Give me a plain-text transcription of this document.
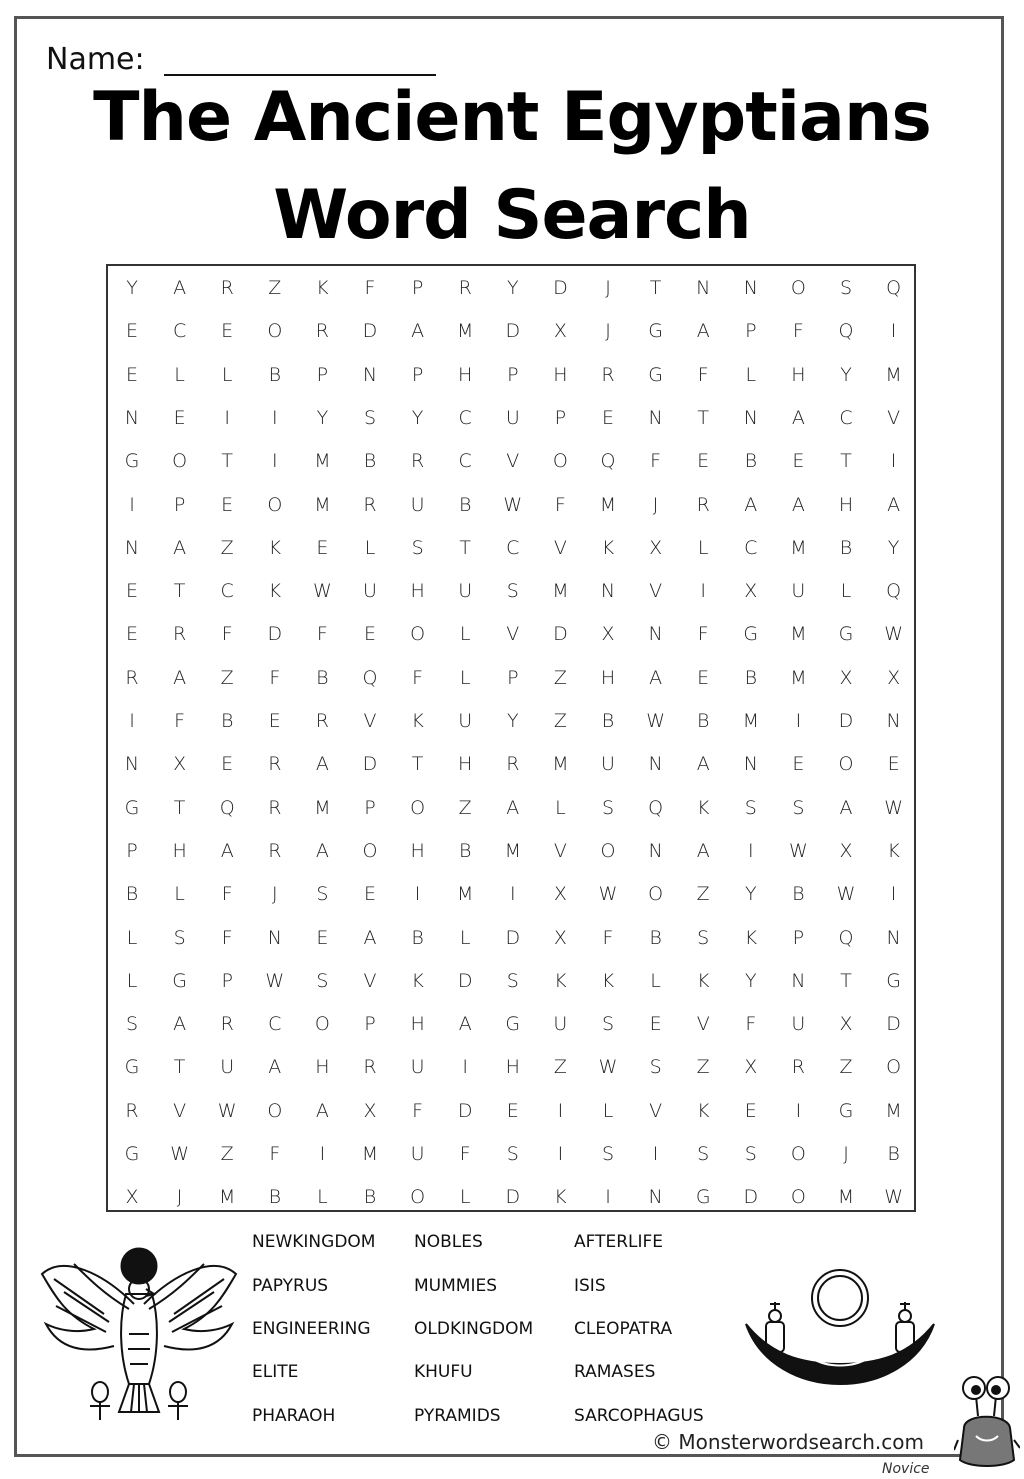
Name:
The Ancient Egyptians
Word Search
Y	A	R	Z	K	F	P	R	Y	D	J	T	N	N	O	S	Q
E	C	E	O	R	D	A	M	D	X	J	G	A	P	F	Q	I
E	L	L	B	P	N	P	H	P	H	R	G	F	L	H	Y	M
N	E	I	I	Y	S	Y	C	U	P	E	N	T	N	A	C	V
G	O	T	I	M	B	R	C	V	O	Q	F	E	B	E	T	I
I	P	E	O	M	R	U	B	W	F	M	J	R	A	A	H	A
N	A	Z	K	E	L	S	T	C	V	K	X	L	C	M	B	Y
E	T	C	K	W	U	H	U	S	M	N	V	I	X	U	L	Q
E	R	F	D	F	E	O	L	V	D	X	N	F	G	M	G	W
R	A	Z	F	B	Q	F	L	P	Z	H	A	E	B	M	X	X
I	F	B	E	R	V	K	U	Y	Z	B	W	B	M	I	D	N
N	X	E	R	A	D	T	H	R	M	U	N	A	N	E	O	E
G	T	Q	R	M	P	O	Z	A	L	S	Q	K	S	S	A	W
P	H	A	R	A	O	H	B	M	V	O	N	A	I	W	X	K
B	L	F	J	S	E	I	M	I	X	W	O	Z	Y	B	W	I
L	S	F	N	E	A	B	L	D	X	F	B	S	K	P	Q	N
L	G	P	W	S	V	K	D	S	K	K	L	K	Y	N	T	G
S	A	R	C	O	P	H	A	G	U	S	E	V	F	U	X	D
G	T	U	A	H	R	U	I	H	Z	W	S	Z	X	R	Z	O
R	V	W	O	A	X	F	D	E	I	L	V	K	E	I	G	M
G	W	Z	F	I	M	U	F	S	I	S	I	S	S	O	J	B
X	J	M	B	L	B	O	L	D	K	I	N	G	D	O	M	W
NEWKINGDOM
PAPYRUS
ENGINEERING
ELITE
PHARAOH
NOBLES
MUMMIES
OLDKINGDOM
KHUFU
PYRAMIDS
AFTERLIFE
ISIS
CLEOPATRA
RAMASES
SARCOPHAGUS
© Monsterwordsearch.com
Novice
